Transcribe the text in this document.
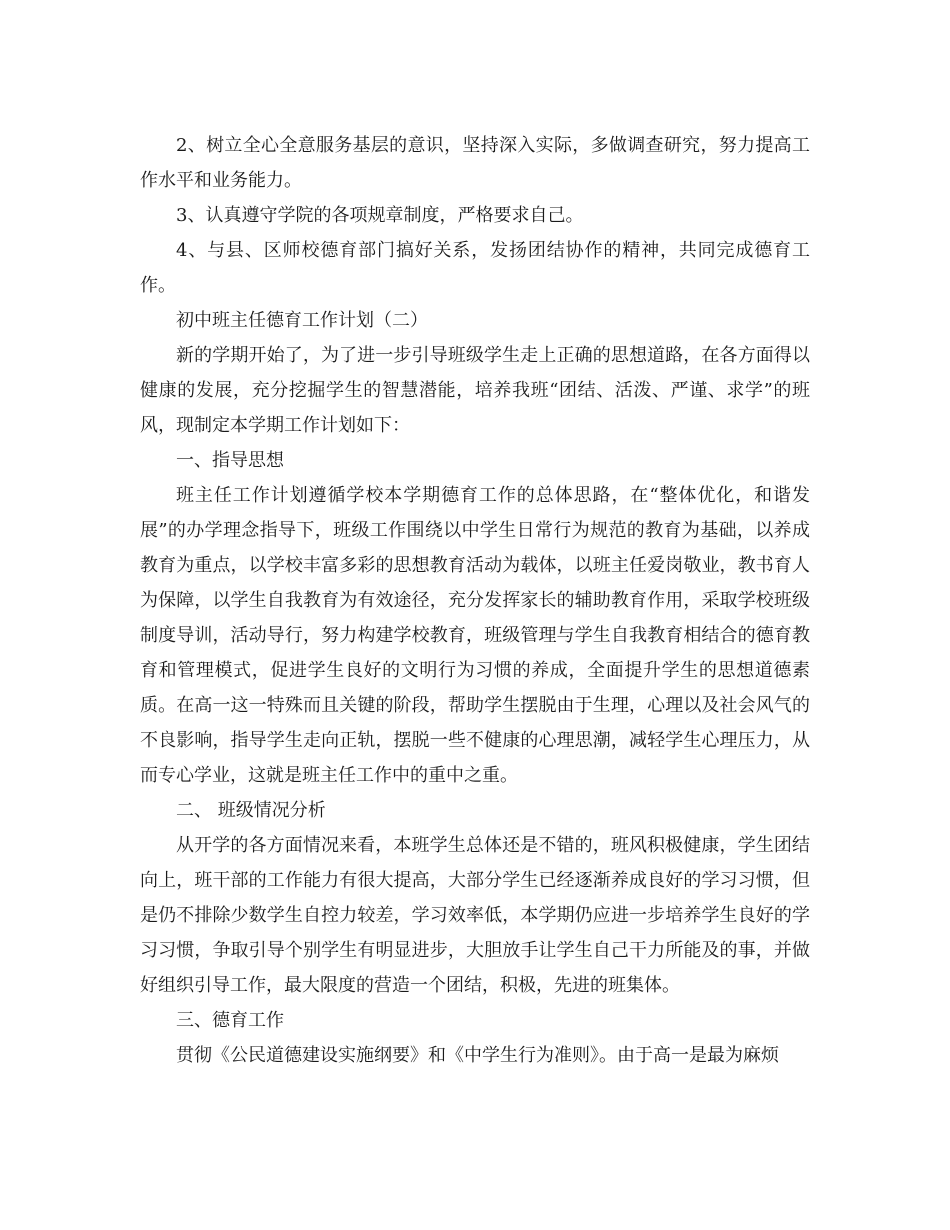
2、树立全心全意服务基层的意识，坚持深入实际，多做调查研究，努力提高工作水平和业务能力。

3、认真遵守学院的各项规章制度，严格要求自己。

4、与县、区师校德育部门搞好关系，发扬团结协作的精神，共同完成德育工作。

初中班主任德育工作计划（二）

新的学期开始了，为了进一步引导班级学生走上正确的思想道路，在各方面得以健康的发展，充分挖掘学生的智慧潜能，培养我班“团结、活泼、严谨、求学”的班风，现制定本学期工作计划如下：

一、指导思想

班主任工作计划遵循学校本学期德育工作的总体思路，在“整体优化，和谐发展”的办学理念指导下，班级工作围绕以中学生日常行为规范的教育为基础，以养成教育为重点，以学校丰富多彩的思想教育活动为载体，以班主任爱岗敬业，教书育人为保障，以学生自我教育为有效途径，充分发挥家长的辅助教育作用，采取学校班级制度导训，活动导行，努力构建学校教育，班级管理与学生自我教育相结合的德育教育和管理模式，促进学生良好的文明行为习惯的养成，全面提升学生的思想道德素质。在高一这一特殊而且关键的阶段，帮助学生摆脱由于生理，心理以及社会风气的不良影响，指导学生走向正轨，摆脱一些不健康的心理思潮，减轻学生心理压力，从而专心学业，这就是班主任工作中的重中之重。

二、 班级情况分析

从开学的各方面情况来看，本班学生总体还是不错的，班风积极健康，学生团结向上，班干部的工作能力有很大提高，大部分学生已经逐渐养成良好的学习习惯，但是仍不排除少数学生自控力较差，学习效率低，本学期仍应进一步培养学生良好的学习习惯，争取引导个别学生有明显进步，大胆放手让学生自己干力所能及的事，并做好组织引导工作，最大限度的营造一个团结，积极，先进的班集体。

三、德育工作

贯彻《公民道德建设实施纲要》和《中学生行为准则》。由于高一是最为麻烦
